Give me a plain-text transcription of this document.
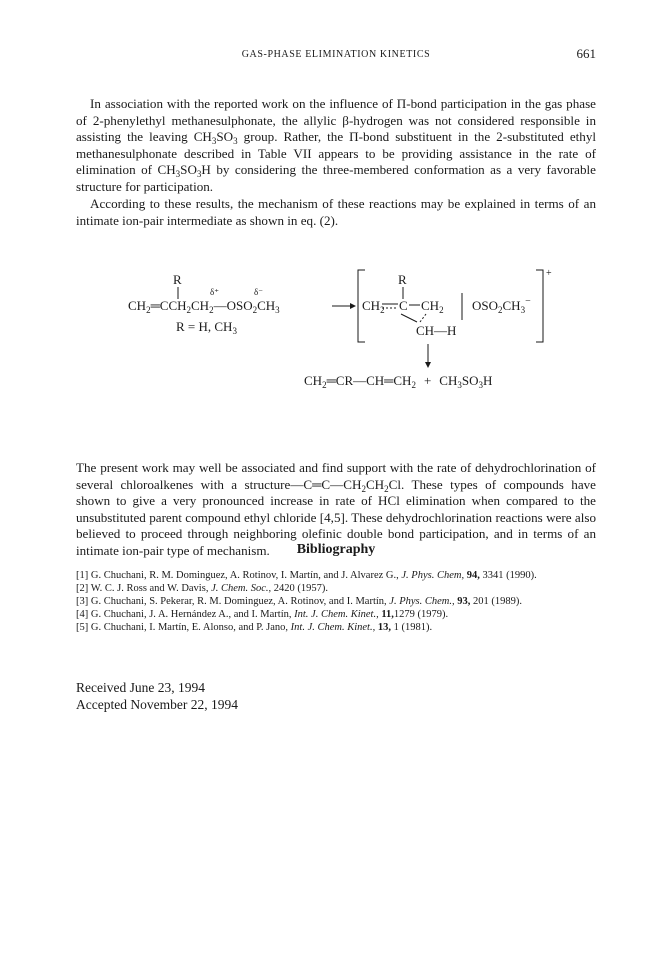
GAS-PHASE ELIMINATION KINETICS	661

In association with the reported work on the influence of Π-bond participation in the gas phase of 2-phenylethyl methanesulphonate, the allylic β-hydrogen was not considered responsible in assisting the leaving $CH_3SO_3$ group. Rather, the Π-bond substituent in the 2-substituted ethyl methanesulphonate described in Table VII appears to be providing assistance in the rate of elimination of $CH_3SO_3H$ by considering the three-membered conformation as a very favorable structure for participation.

According to these results, the mechanism of these reactions may be explained in terms of an intimate ion-pair intermediate as shown in eq. (2).

R
δ⁺	δ⁻
$CH_2═CCH_2CH_2—OSO_2CH_3$
R = H, $CH_3$
+
R
$CH_2$ C $CH_2$
CH—H
$OSO_2CH_3^-$
$CH_2═CR—CH═CH_2 + CH_3SO_3H$

The present work may well be associated and find support with the rate of dehydrochlorination of several chloroalkenes with a $structure—C═C—CH_2CH_2Cl$. These types of compounds have shown to give a very pronounced increase in rate of HCl elimination when compared to the unsubstituted parent compound ethyl chloride [4,5]. These dehydrochlorination reactions were also believed to proceed through neighboring olefinic double bond participation, and in terms of an intimate ion-pair type of mechanism.	Bibliography
[1] G. Chuchani, R. M. Dominguez, A. Rotinov, I. Martín, and J. Alvarez G., J. Phys. Chem, 94, 3341 (1990).
[2] W. C. J. Ross and W. Davis, J. Chem. Soc., 2420 (1957).
[3] G. Chuchani, S. Pekerar, R. M. Dominguez, A. Rotinov, and I. Martín, J. Phys. Chem., 93, 201 (1989).
[4] G. Chuchani, J. A. Hernández A., and I. Martín, Int. J. Chem. Kinet., 11,1279 (1979).
[5] G. Chuchani, I. Martín, E. Alonso, and P. Jano, Int. J. Chem. Kinet., 13, 1 (1981).

Received June 23, 1994
Accepted November 22, 1994
